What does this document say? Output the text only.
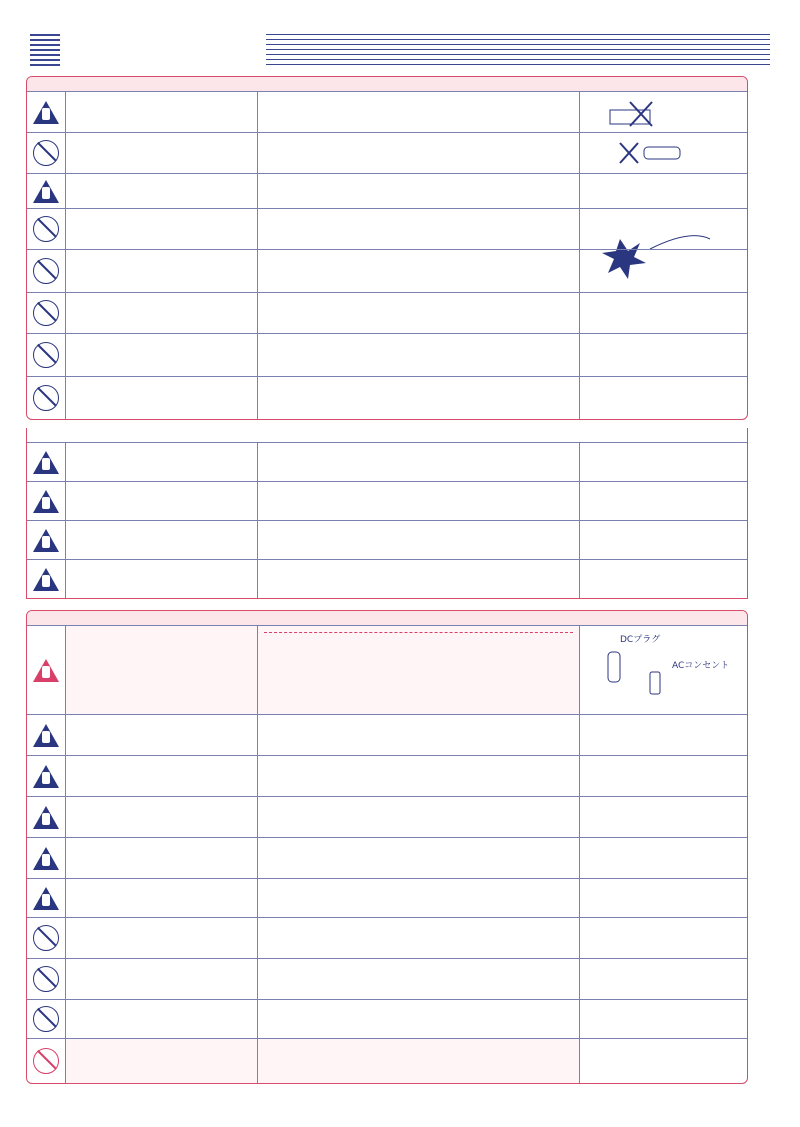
DCプラグ
ACコンセント
